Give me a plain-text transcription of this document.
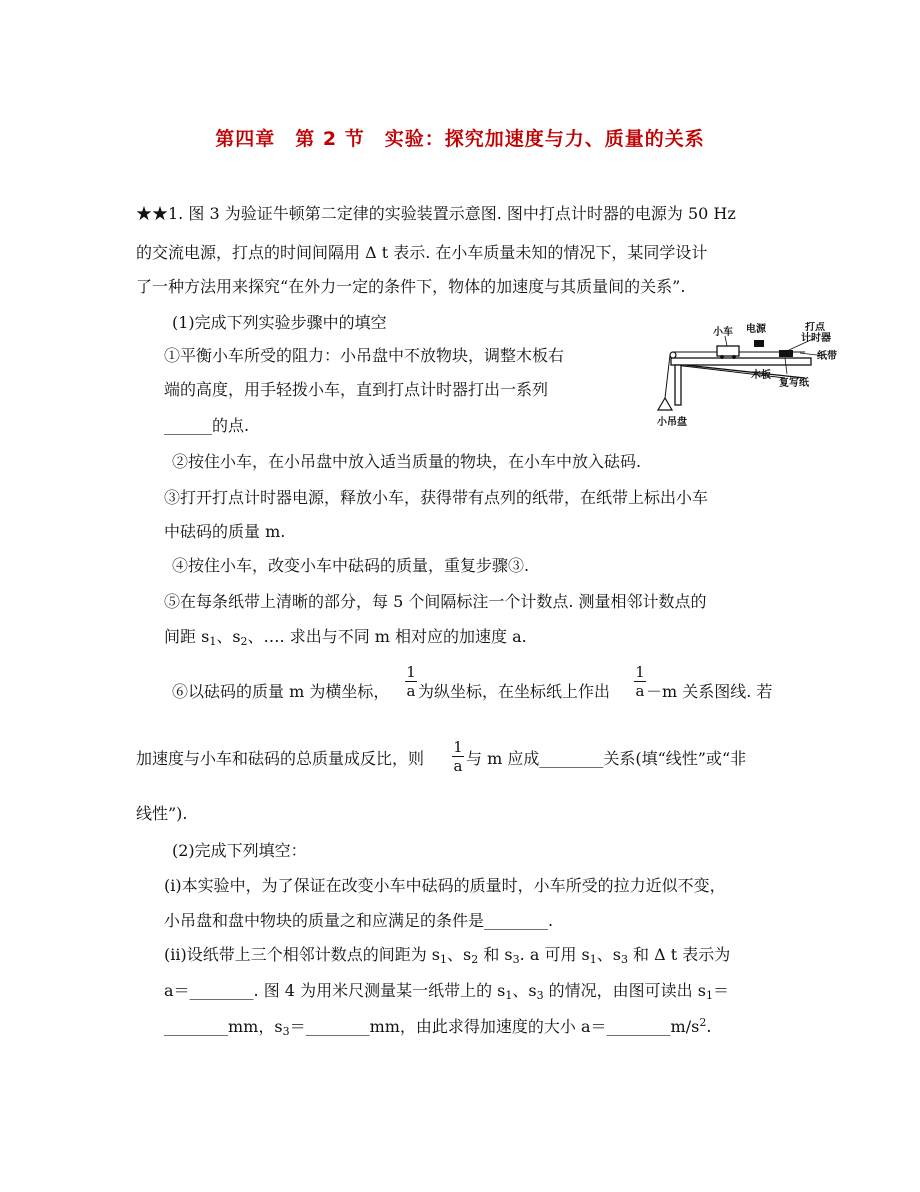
第四章　第 2 节　实验：探究加速度与力、质量的关系
★★1. 图 3 为验证牛顿第二定律的实验装置示意图. 图中打点计时器的电源为 50 Hz
的交流电源，打点的时间间隔用 Δ t 表示. 在小车质量未知的情况下，某同学设计
了一种方法用来探究“在外力一定的条件下，物体的加速度与其质量间的关系”.
(1)完成下列实验步骤中的填空
①平衡小车所受的阻力：小吊盘中不放物块，调整木板右
端的高度，用手轻拨小车，直到打点计时器打出一系列
______的点.
②按住小车，在小吊盘中放入适当质量的物块，在小车中放入砝码.
③打开打点计时器电源，释放小车，获得带有点列的纸带，在纸带上标出小车
中砝码的质量 m.
④按住小车，改变小车中砝码的质量，重复步骤③.
⑤在每条纸带上清晰的部分，每 5 个间隔标注一个计数点. 测量相邻计数点的
间距 $s_1$、$s_2$、…. 求出与不同 m 相对应的加速度 a.
⑥以砝码的质量 m 为横坐标，
1
a 为纵坐标，在坐标纸上作出
1
a －m 关系图线. 若
加速度与小车和砝码的总质量成反比，则
1
a 与 m 应成________关系(填“线性”或“非
线性”).
(2)完成下列填空：
(i)本实验中，为了保证在改变小车中砝码的质量时，小车所受的拉力近似不变，
小吊盘和盘中物块的质量之和应满足的条件是________.
(ii)设纸带上三个相邻计数点的间距为 $s_1$、$s_2$ 和 $s_3$. a 可用 $s_1$、$s_3$ 和 Δ t 表示为
a＝________. 图 4 为用米尺测量某一纸带上的 $s_1$、$s_3$ 的情况，由图可读出 $s_1=$
________mm，$s_3=\_\_\_\_\_\_\_\_mm$，由此求得加速度的大小 $a=\_\_\_\_\_\_\_\_m/s^2$.
小车 电源	打点
计时器
纸带
木板
复写纸
小吊盘
